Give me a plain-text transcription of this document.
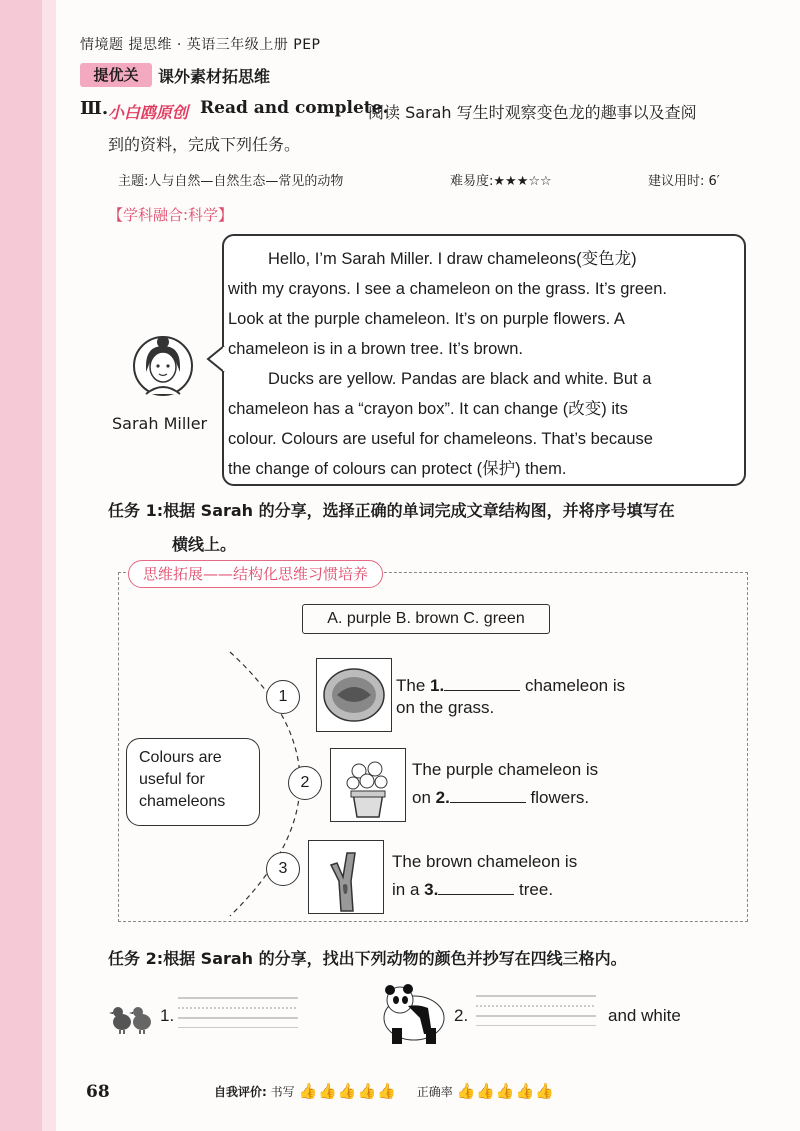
情境题 提思维 · 英语三年级上册 PEP
提优关	课外素材拓思维
Ⅲ. 小白鸥原创 Read and complete.
阅读 Sarah 写生时观察变色龙的趣事以及查阅
到的资料，完成下列任务。
主题:人与自然—自然生态—常见的动物	难易度:★★★☆☆	建议用时: 6′
【学科融合:科学】
Sarah Miller

Hello, I’m Sarah Miller. I draw chameleons(变色龙)

with my crayons. I see a chameleon on the grass. It’s green.

Look at the purple chameleon. It’s on purple flowers. A

chameleon is in a brown tree. It’s brown.

Ducks are yellow. Pandas are black and white. But a

chameleon has a “crayon box”. It can change (改变) its

colour. Colours are useful for chameleons. That’s because

the change of colours can protect (保护) them.

任务 1:根据 Sarah 的分享，选择正确的单词完成文章结构图，并将序号填写在
横线上。
思维拓展——结构化思维习惯培养
A. purple B. brown C. green
Colours are
useful for
chameleons
1
The 1.	chameleon is
on the grass.
2
The purple chameleon is
on 2.	flowers.
3	The brown chameleon is
in a 3.	tree.
任务 2:根据 Sarah 的分享，找出下列动物的颜色并抄写在四线三格内。
1.	2.	and white
68	自我评价: 书写 👍👍👍👍👍 正确率 👍👍👍👍👍
